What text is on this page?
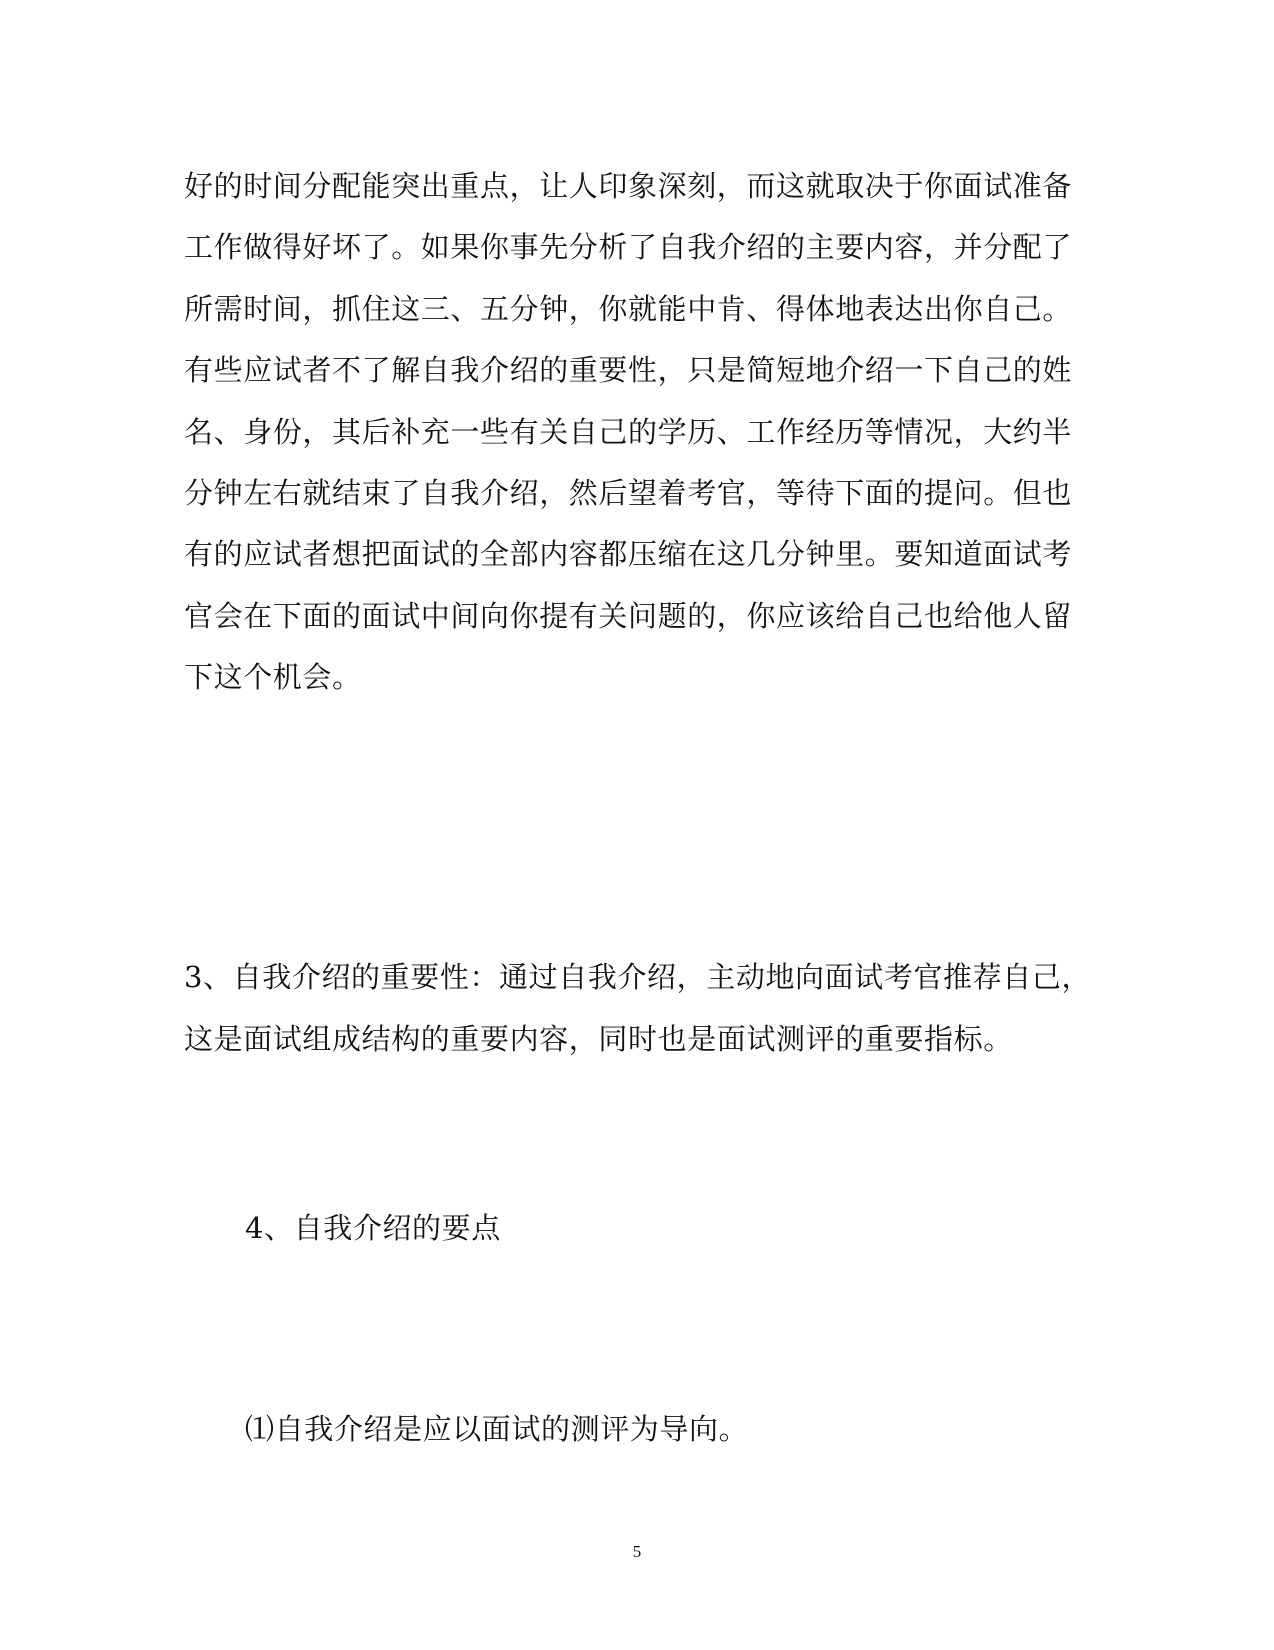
好的时间分配能突出重点，让人印象深刻，而这就取决于你面试准备
工作做得好坏了。如果你事先分析了自我介绍的主要内容，并分配了
所需时间，抓住这三、五分钟，你就能中肯、得体地表达出你自己。
有些应试者不了解自我介绍的重要性，只是简短地介绍一下自己的姓
名、身份，其后补充一些有关自己的学历、工作经历等情况，大约半
分钟左右就结束了自我介绍，然后望着考官，等待下面的提问。但也
有的应试者想把面试的全部内容都压缩在这几分钟里。要知道面试考
官会在下面的面试中间向你提有关问题的，你应该给自己也给他人留
下这个机会。
3、自我介绍的重要性：通过自我介绍，主动地向面试考官推荐自己，
这是面试组成结构的重要内容，同时也是面试测评的重要指标。
4、自我介绍的要点
⑴自我介绍是应以面试的测评为导向。
5
